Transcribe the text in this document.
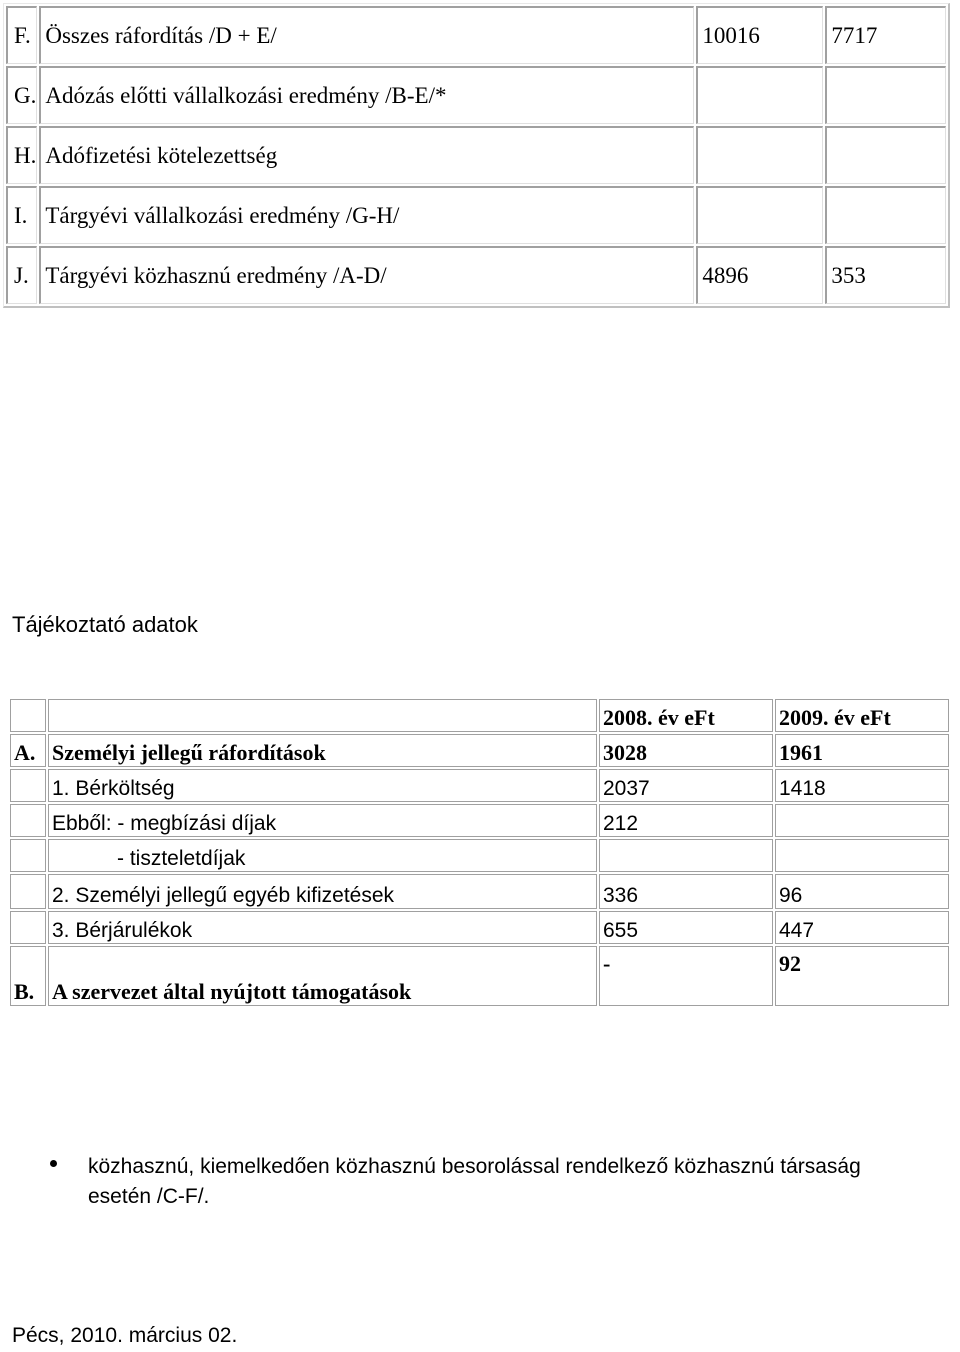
F.	Összes ráfordítás /D + E/	10016	7717
G.	Adózás előtti vállalkozási eredmény /B-E/*		
H.	Adófizetési kötelezettség		
I.	Tárgyévi vállalkozási eredmény /G-H/		
J.	Tárgyévi közhasznú eredmény /A-D/	4896	353
Tájékoztató adatok
		2008. év eFt	2009. év eFt
A.	Személyi jellegű ráfordítások	3028	1961
	1. Bérköltség	2037	1418
	Ebből: - megbízási díjak	212	
	- tiszteletdíjak		
	2. Személyi jellegű egyéb kifizetések	336	96
	3. Bérjárulékok	655	447
B.	A szervezet által nyújtott támogatások	-	92
közhasznú, kiemelkedően közhasznú besorolással rendelkező közhasznú társaság esetén /C-F/.
Pécs, 2010. március 02.
